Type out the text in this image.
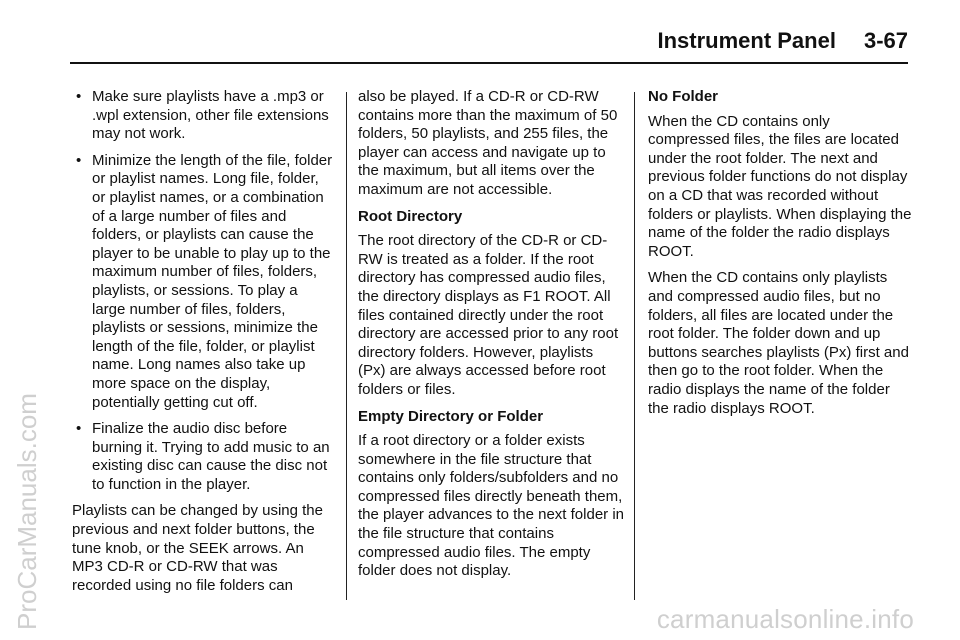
Instrument Panel 3-67
• Make sure playlists have a .mp3 or .wpl extension, other file extensions may not work.
• Minimize the length of the file, folder or playlist names. Long file, folder, or playlist names, or a combination of a large number of files and folders, or playlists can cause the player to be unable to play up to the maximum number of files, folders, playlists, or sessions. To play a large number of files, folders, playlists or sessions, minimize the length of the file, folder, or playlist name. Long names also take up more space on the display, potentially getting cut off.
• Finalize the audio disc before burning it. Trying to add music to an existing disc can cause the disc not to function in the player.

Playlists can be changed by using the previous and next folder buttons, the tune knob, or the SEEK arrows. An MP3 CD-R or CD-RW that was recorded using no file folders can

also be played. If a CD-R or CD-RW contains more than the maximum of 50 folders, 50 playlists, and 255 files, the player can access and navigate up to the maximum, but all items over the maximum are not accessible.

Root Directory

The root directory of the CD-R or CD-RW is treated as a folder. If the root directory has compressed audio files, the directory displays as F1 ROOT. All files contained directly under the root directory are accessed prior to any root directory folders. However, playlists (Px) are always accessed before root folders or files.

Empty Directory or Folder

If a root directory or a folder exists somewhere in the file structure that contains only folders/subfolders and no compressed files directly beneath them, the player advances to the next folder in the file structure that contains compressed audio files. The empty folder does not display.

No Folder

When the CD contains only compressed files, the files are located under the root folder. The next and previous folder functions do not display on a CD that was recorded without folders or playlists. When displaying the name of the folder the radio displays ROOT.

When the CD contains only playlists and compressed audio files, but no folders, all files are located under the root folder. The folder down and up buttons searches playlists (Px) first and then go to the root folder. When the radio displays the name of the folder the radio displays ROOT.

ProCarManuals.com	carmanualsonline.info
